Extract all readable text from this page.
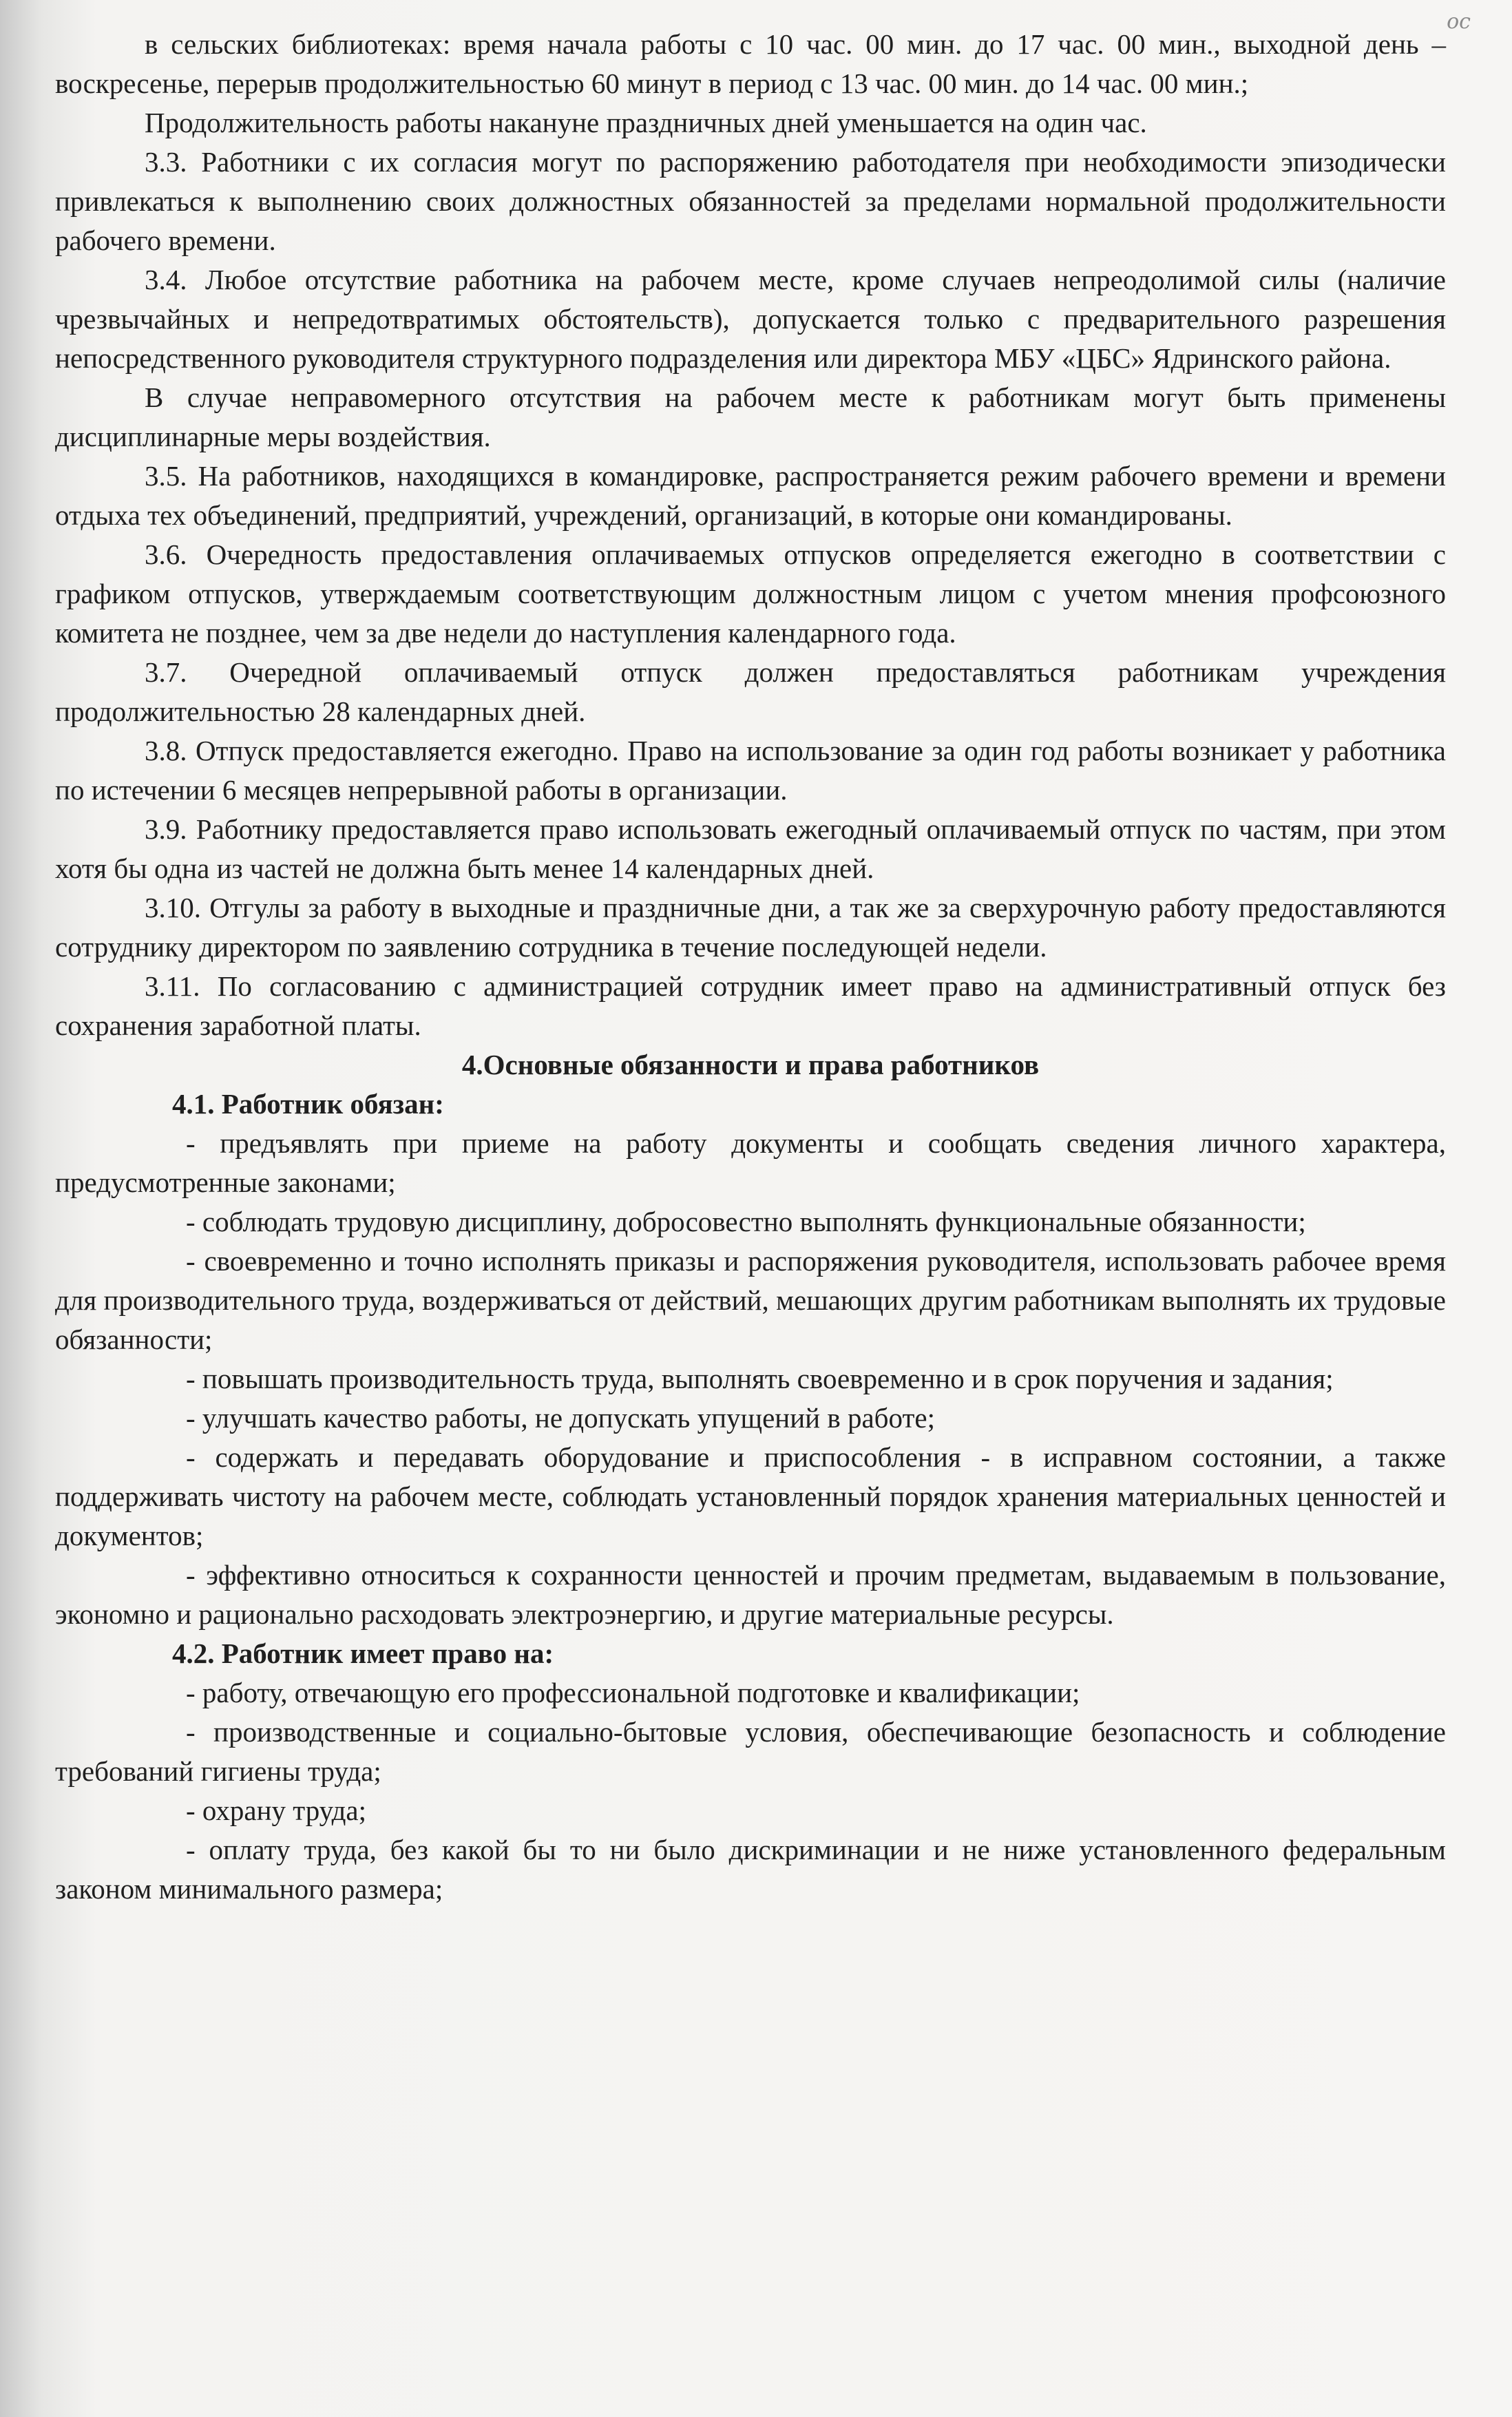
ос

в сельских библиотеках: время начала работы с 10 час. 00 мин. до 17 час. 00 мин., выходной день – воскресенье, перерыв продолжительностью 60 минут в период с 13 час. 00 мин. до 14 час. 00 мин.;

Продолжительность работы накануне праздничных дней уменьшается на один час.

3.3. Работники с их согласия могут по распоряжению работодателя при необходимости эпизодически привлекаться к выполнению своих должностных обязанностей за пределами нормальной продолжительности рабочего времени.

3.4. Любое отсутствие работника на рабочем месте, кроме случаев непреодолимой силы (наличие чрезвычайных и непредотвратимых обстоятельств), допускается только с предварительного разрешения непосредственного руководителя структурного подразделения или директора МБУ «ЦБС» Ядринского района.

В случае неправомерного отсутствия на рабочем месте к работникам могут быть применены дисциплинарные меры воздействия.

3.5. На работников, находящихся в командировке, распространяется режим рабочего времени и времени отдыха тех объединений, предприятий, учреждений, организаций, в которые они командированы.

3.6. Очередность предоставления оплачиваемых отпусков определяется ежегодно в соответствии с графиком отпусков, утверждаемым соответствующим должностным лицом с учетом мнения профсоюзного комитета не позднее, чем за две недели до наступления календарного года.

3.7. Очередной оплачиваемый отпуск должен предоставляться работникам учреждения продолжительностью 28 календарных дней.

3.8. Отпуск предоставляется ежегодно. Право на использование за один год работы возникает у работника по истечении 6 месяцев непрерывной работы в организации.

3.9. Работнику предоставляется право использовать ежегодный оплачиваемый отпуск по частям, при этом хотя бы одна из частей не должна быть менее 14 календарных дней.

3.10. Отгулы за работу в выходные и праздничные дни, а так же за сверхурочную работу предоставляются сотруднику директором по заявлению сотрудника в течение последующей недели.

3.11. По согласованию с администрацией сотрудник имеет право на административный отпуск без сохранения заработной платы.

4.Основные обязанности и права работников

4.1. Работник обязан:

- предъявлять при приеме на работу документы и сообщать сведения личного характера, предусмотренные законами;

- соблюдать трудовую дисциплину, добросовестно выполнять функциональные обязанности;

- своевременно и точно исполнять приказы и распоряжения руководителя, использовать рабочее время для производительного труда, воздерживаться от действий, мешающих другим работникам выполнять их трудовые обязанности;

- повышать производительность труда, выполнять своевременно и в срок поручения и задания;

- улучшать качество работы, не допускать упущений в работе;

- содержать и передавать оборудование и приспособления - в исправном состоянии, а также поддерживать чистоту на рабочем месте, соблюдать установленный порядок хранения материальных ценностей и документов;

- эффективно относиться к сохранности ценностей и прочим предметам, выдаваемым в пользование, экономно и рационально расходовать электроэнергию, и другие материальные ресурсы.

4.2. Работник имеет право на:

- работу, отвечающую его профессиональной подготовке и квалификации;

- производственные и социально-бытовые условия, обеспечивающие безопасность и соблюдение требований гигиены труда;

- охрану труда;

- оплату труда, без какой бы то ни было дискриминации и не ниже установленного федеральным законом минимального размера;
